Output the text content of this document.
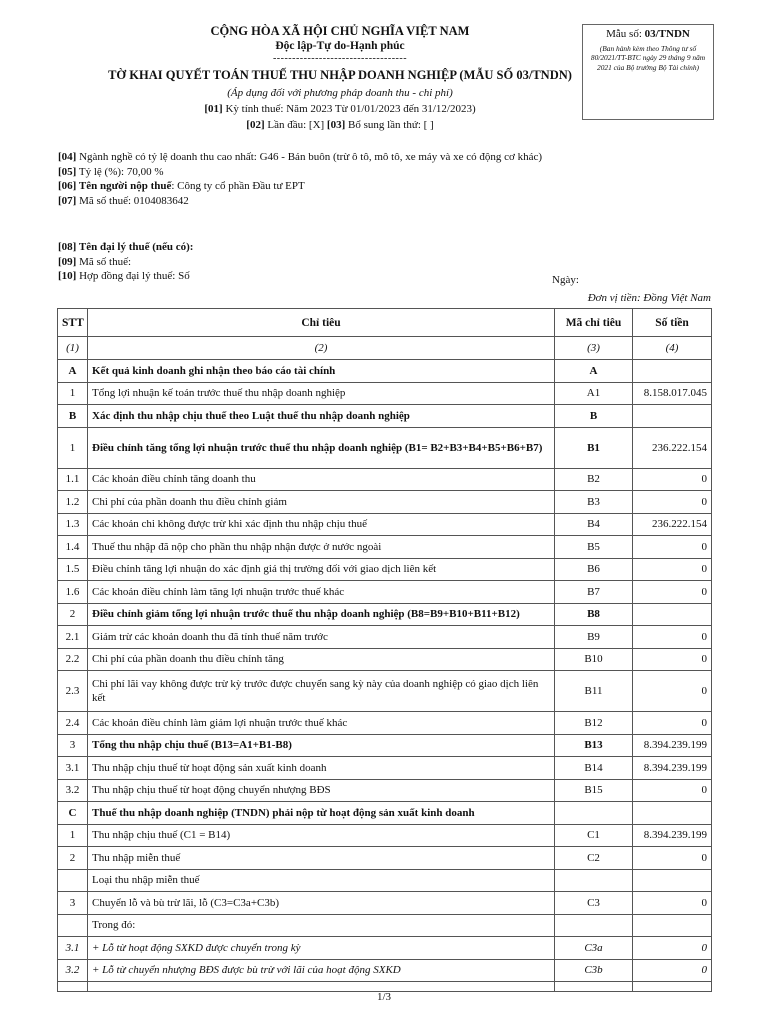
CỘNG HÒA XÃ HỘI CHỦ NGHĨA VIỆT NAM
Độc lập-Tự do-Hạnh phúc
-----------------------------------
TỜ KHAI QUYẾT TOÁN THUẾ THU NHẬP DOANH NGHIỆP (MẪU SỐ 03/TNDN)
(Áp dụng đối với phương pháp doanh thu - chi phí)
[01] Kỳ tính thuế: Năm 2023 Từ 01/01/2023 đến 31/12/2023)
[02] Lần đầu: [X] [03] Bổ sung lần thứ: [ ]
Mẫu số: 03/TNDN
(Ban hành kèm theo Thông tư số 80/2021/TT-BTC ngày 29 tháng 9 năm 2021 của Bộ trưởng Bộ Tài chính)
[04] Ngành nghề có tỷ lệ doanh thu cao nhất: G46 - Bán buôn (trừ ô tô, mô tô, xe máy và xe có động cơ khác)
[05] Tỷ lệ (%): 70,00 %
[06] Tên người nộp thuế: Công ty cổ phần Đầu tư EPT
[07] Mã số thuế: 0104083642
[08] Tên đại lý thuế (nếu có):
[09] Mã số thuế:
[10] Hợp đồng đại lý thuế: Số	Ngày:
Đơn vị tiền: Đồng Việt Nam
STT	Chỉ tiêu	Mã chỉ tiêu	Số tiền
(1)	(2)	(3)	(4)
A	Kết quả kinh doanh ghi nhận theo báo cáo tài chính	A	
1	Tổng lợi nhuận kế toán trước thuế thu nhập doanh nghiệp	A1	8.158.017.045
B	Xác định thu nhập chịu thuế theo Luật thuế thu nhập doanh nghiệp	B	
1	Điều chỉnh tăng tổng lợi nhuận trước thuế thu nhập doanh nghiệp (B1= B2+B3+B4+B5+B6+B7)	B1	236.222.154
1.1	Các khoản điều chỉnh tăng doanh thu	B2	0
1.2	Chi phí của phần doanh thu điều chỉnh giảm	B3	0
1.3	Các khoản chi không được trừ khi xác định thu nhập chịu thuế	B4	236.222.154
1.4	Thuế thu nhập đã nộp cho phần thu nhập nhận được ở nước ngoài	B5	0
1.5	Điều chỉnh tăng lợi nhuận do xác định giá thị trường đối với giao dịch liên kết	B6	0
1.6	Các khoản điều chỉnh làm tăng lợi nhuận trước thuế khác	B7	0
2	Điều chỉnh giảm tổng lợi nhuận trước thuế thu nhập doanh nghiệp (B8=B9+B10+B11+B12)	B8	
2.1	Giảm trừ các khoản doanh thu đã tính thuế năm trước	B9	0
2.2	Chi phí của phần doanh thu điều chỉnh tăng	B10	0
2.3	Chi phí lãi vay không được trừ kỳ trước được chuyển sang kỳ này của doanh nghiệp có giao dịch liên kết	B11	0
2.4	Các khoản điều chỉnh làm giảm lợi nhuận trước thuế khác	B12	0
3	Tổng thu nhập chịu thuế (B13=A1+B1-B8)	B13	8.394.239.199
3.1	Thu nhập chịu thuế từ hoạt động sản xuất kinh doanh	B14	8.394.239.199
3.2	Thu nhập chịu thuế từ hoạt động chuyển nhượng BĐS	B15	0
C	Thuế thu nhập doanh nghiệp (TNDN) phải nộp từ hoạt động sản xuất kinh doanh		
1	Thu nhập chịu thuế (C1 = B14)	C1	8.394.239.199
2	Thu nhập miễn thuế	C2	0
	Loại thu nhập miễn thuế		
3	Chuyển lỗ và bù trừ lãi, lỗ (C3=C3a+C3b)	C3	0
	Trong đó:		
3.1	+ Lỗ từ hoạt động SXKD được chuyển trong kỳ	C3a	0
3.2	+ Lỗ từ chuyển nhượng BĐS được bù trừ với lãi của hoạt động SXKD	C3b	0

1/3
